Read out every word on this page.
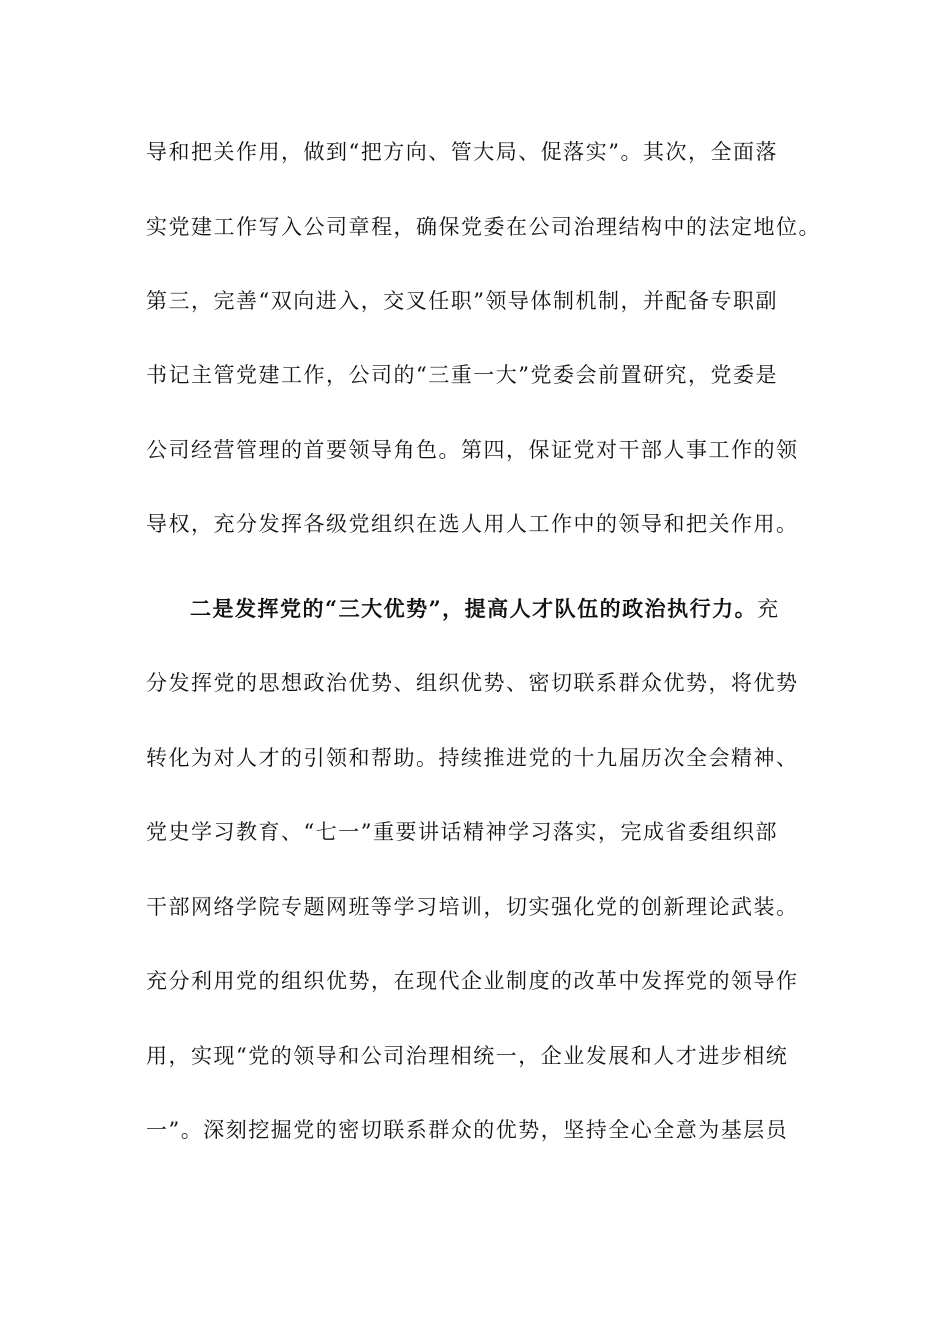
导和把关作用，做到“把方向、管大局、促落实”。其次，全面落
实党建工作写入公司章程，确保党委在公司治理结构中的法定地位。
第三，完善“双向进入，交叉任职”领导体制机制，并配备专职副
书记主管党建工作，公司的“三重一大”党委会前置研究，党委是
公司经营管理的首要领导角色。第四，保证党对干部人事工作的领
导权，充分发挥各级党组织在选人用人工作中的领导和把关作用。
二是发挥党的“三大优势”，提高人才队伍的政治执行力。充
分发挥党的思想政治优势、组织优势、密切联系群众优势，将优势
转化为对人才的引领和帮助。持续推进党的十九届历次全会精神、
党史学习教育、“七一”重要讲话精神学习落实，完成省委组织部
干部网络学院专题网班等学习培训，切实强化党的创新理论武装。
充分利用党的组织优势，在现代企业制度的改革中发挥党的领导作
用，实现“党的领导和公司治理相统一，企业发展和人才进步相统
一”。深刻挖掘党的密切联系群众的优势，坚持全心全意为基层员
